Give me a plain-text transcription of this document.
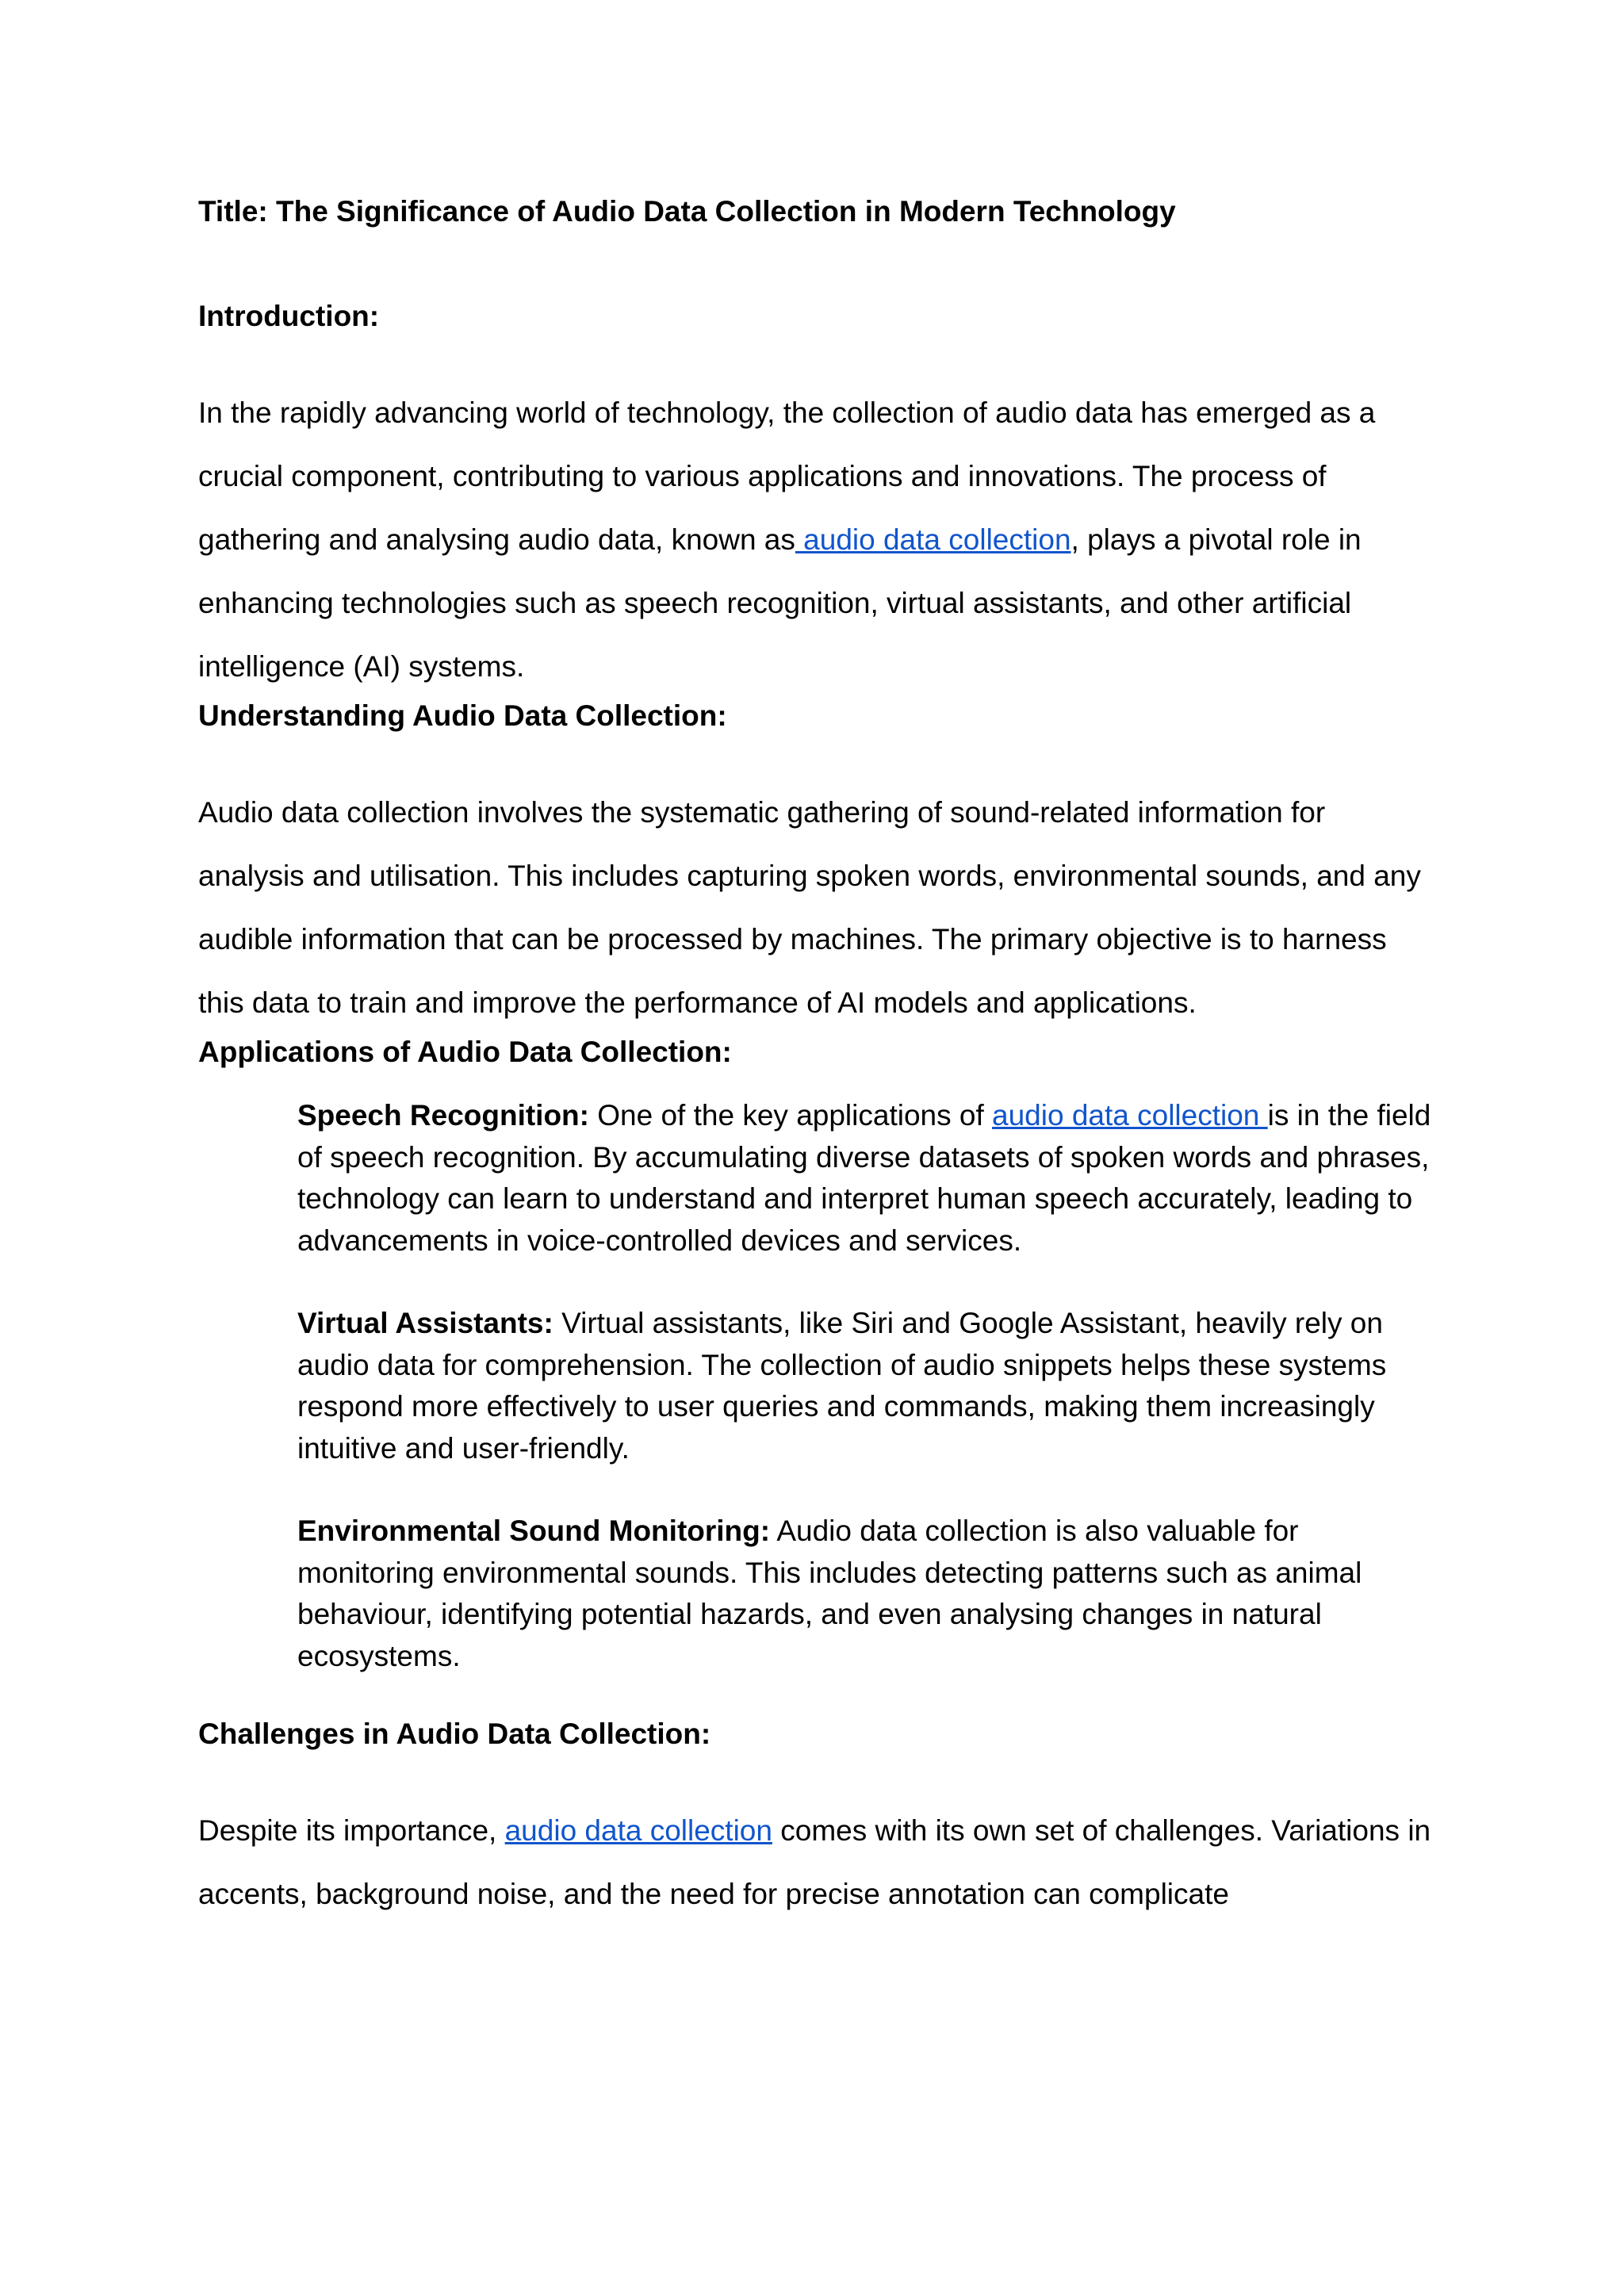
Title: The Significance of Audio Data Collection in Modern Technology
Introduction:

In the rapidly advancing world of technology, the collection of audio data has emerged as a crucial component, contributing to various applications and innovations. The process of gathering and analysing audio data, known as audio data collection, plays a pivotal role in enhancing technologies such as speech recognition, virtual assistants, and other artificial intelligence (AI) systems.

Understanding Audio Data Collection:

Audio data collection involves the systematic gathering of sound-related information for analysis and utilisation. This includes capturing spoken words, environmental sounds, and any audible information that can be processed by machines. The primary objective is to harness this data to train and improve the performance of AI models and applications.

Applications of Audio Data Collection:
Speech Recognition: One of the key applications of audio data collection is in the field of speech recognition. By accumulating diverse datasets of spoken words and phrases, technology can learn to understand and interpret human speech accurately, leading to advancements in voice-controlled devices and services.
Virtual Assistants: Virtual assistants, like Siri and Google Assistant, heavily rely on audio data for comprehension. The collection of audio snippets helps these systems respond more effectively to user queries and commands, making them increasingly intuitive and user-friendly.
Environmental Sound Monitoring: Audio data collection is also valuable for monitoring environmental sounds. This includes detecting patterns such as animal behaviour, identifying potential hazards, and even analysing changes in natural ecosystems.
Challenges in Audio Data Collection:

Despite its importance, audio data collection comes with its own set of challenges. Variations in accents, background noise, and the need for precise annotation can complicate
